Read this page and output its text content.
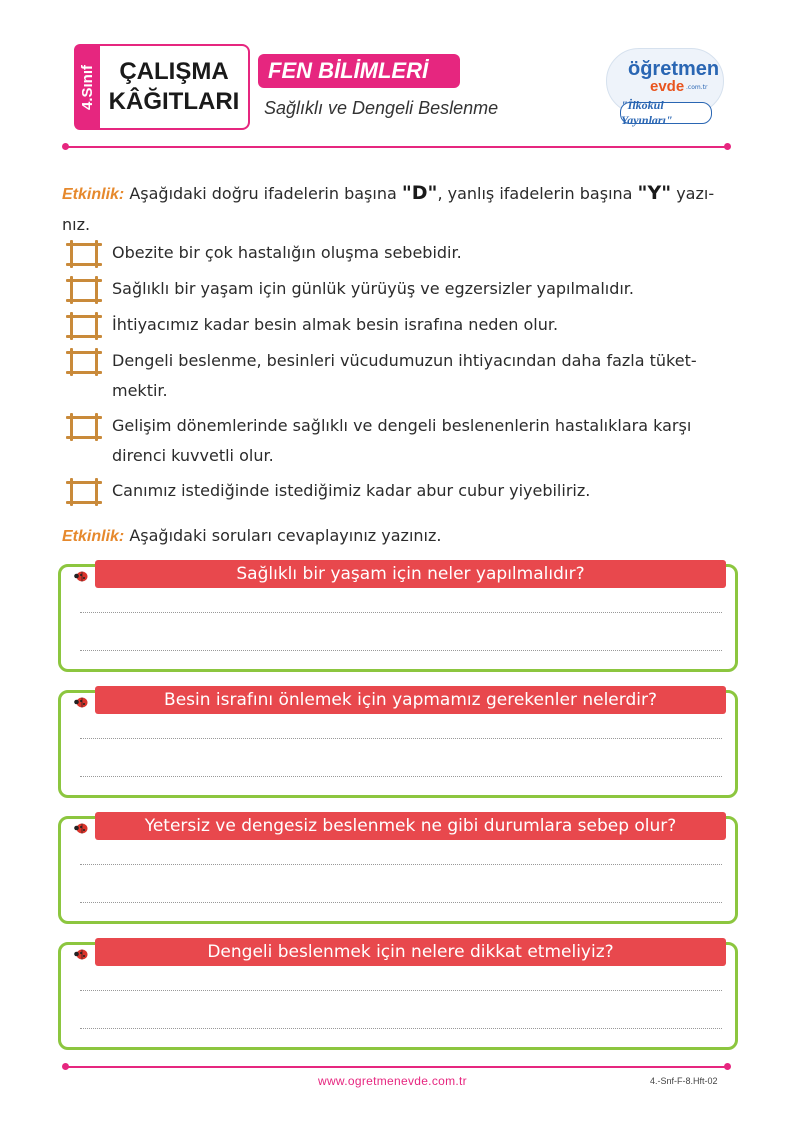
4.Sınıf ÇALIŞMA
KÂĞITLARI
FEN BİLİMLERİ
Sağlıklı ve Dengeli Beslenme
öğretmen
evde .com.tr
"İlkokul Yayınları"
Etkinlik: Aşağıdaki doğru ifadelerin başına "D", yanlış ifadelerin başına "Y" yazı-
nız.
Obezite bir çok hastalığın oluşma sebebidir.
Sağlıklı bir yaşam için günlük yürüyüş ve egzersizler yapılmalıdır.
İhtiyacımız kadar besin almak besin israfına neden olur.
Dengeli beslenme, besinleri vücudumuzun ihtiyacından daha fazla tüket-mektir.
Gelişim dönemlerinde sağlıklı ve dengeli beslenenlerin hastalıklara karşı direnci kuvvetli olur.
Canımız istediğinde istediğimiz kadar abur cubur yiyebiliriz.
Etkinlik: Aşağıdaki soruları cevaplayınız yazınız.
Sağlıklı bir yaşam için neler yapılmalıdır?
Besin israfını önlemek için yapmamız gerekenler nelerdir?
Yetersiz ve dengesiz beslenmek ne gibi durumlara sebep olur?
Dengeli beslenmek için nelere dikkat etmeliyiz?
www.ogretmenevde.com.tr	4.-Snf-F-8.Hft-02
